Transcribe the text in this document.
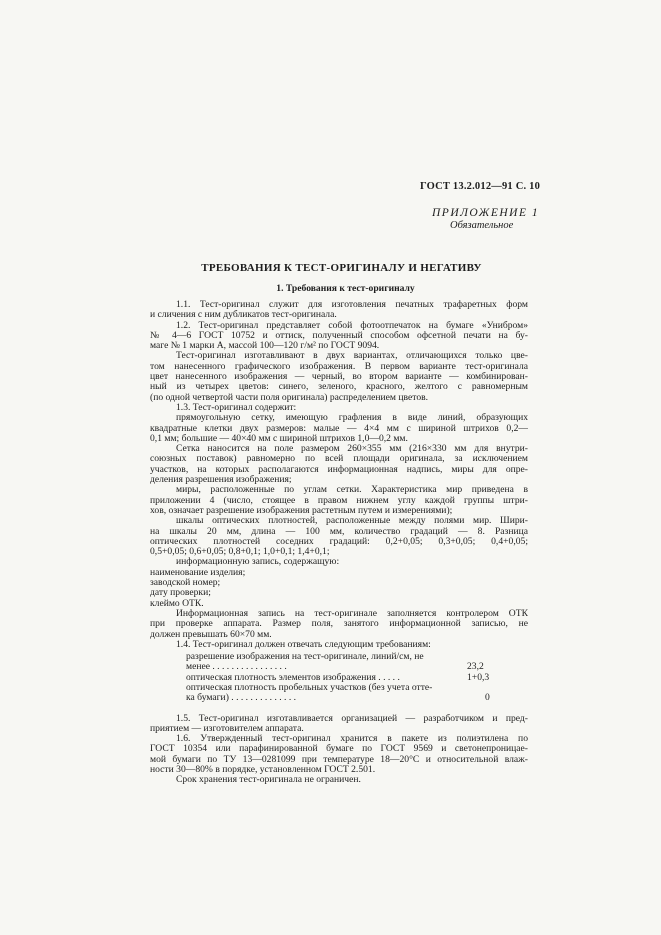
ГОСТ 13.2.012—91 С. 10
ПРИЛОЖЕНИЕ 1
Обязательное
ТРЕБОВАНИЯ К ТЕСТ-ОРИГИНАЛУ И НЕГАТИВУ
1. Требования к тест-оригиналу
1.1. Тест-оригинал служит для изготовления печатных трафаретных форм
и сличения с ним дубликатов тест-оригинала.
1.2. Тест-оригинал представляет собой фотоотпечаток на бумаге «Унибром»
№ 4—6 ГОСТ 10752 и оттиск, полученный способом офсетной печати на бу-
маге № 1 марки А, массой 100—120 г/м² по ГОСТ 9094.
Тест-оригинал изготавливают в двух вариантах, отличающихся только цве-
том нанесенного графического изображения. В первом варианте тест-оригинала
цвет нанесенного изображения — черный, во втором варианте — комбинирован-
ный из четырех цветов: синего, зеленого, красного, желтого с равномерным
(по одной четвертой части поля оригинала) распределением цветов.
1.3. Тест-оригинал содержит:
прямоугольную сетку, имеющую графления в виде линий, образующих
квадратные клетки двух размеров: малые — 4×4 мм с шириной штрихов 0,2—
0,1 мм; большие — 40×40 мм с шириной штрихов 1,0—0,2 мм.
Сетка наносится на поле размером 260×355 мм (216×330 мм для внутри-
союзных поставок) равномерно по всей площади оригинала, за исключением
участков, на которых располагаются информационная надпись, миры для опре-
деления разрешения изображения;
миры, расположенные по углам сетки. Характеристика мир приведена в
приложении 4 (число, стоящее в правом нижнем углу каждой группы штри-
хов, означает разрешение изображения растетным путем и измерениями);
шкалы оптических плотностей, расположенные между полями мир. Шири-
на шкалы 20 мм, длина — 100 мм, количество градаций — 8. Разница
оптических плотностей соседних градаций: 0,2+0,05; 0,3+0,05; 0,4+0,05;
0,5+0,05; 0,6+0,05; 0,8+0,1; 1,0+0,1; 1,4+0,1;
информационную запись, содержащую:
наименование изделия;
заводской номер;
дату проверки;
клеймо ОТК.
Информационная запись на тест-оригинале заполняется контролером ОТК
при проверке аппарата. Размер поля, занятого информационной записью, не
должен превышать 60×70 мм.
1.4. Тест-оригинал должен отвечать следующим требованиям:
разрешение изображения на тест-оригинале, линий/см, не
менее . . . . . . . . . . . . . . . .	23,2
оптическая плотность элементов изображения . . . . .	1+0,3
оптическая плотность пробельных участков (без учета отте-
ка бумаги) . . . . . . . . . . . . . .	0
1.5. Тест-оригинал изготавливается организацией — разработчиком и пред-
приятием — изготовителем аппарата.
1.6. Утвержденный тест-оригинал хранится в пакете из полиэтилена по
ГОСТ 10354 или парафинированной бумаге по ГОСТ 9569 и светонепроницае-
мой бумаги по ТУ 13—0281099 при температуре 18—20°С и относительной влаж-
ности 30—80% в порядке, установленном ГОСТ 2.501.
Срок хранения тест-оригинала не ограничен.
